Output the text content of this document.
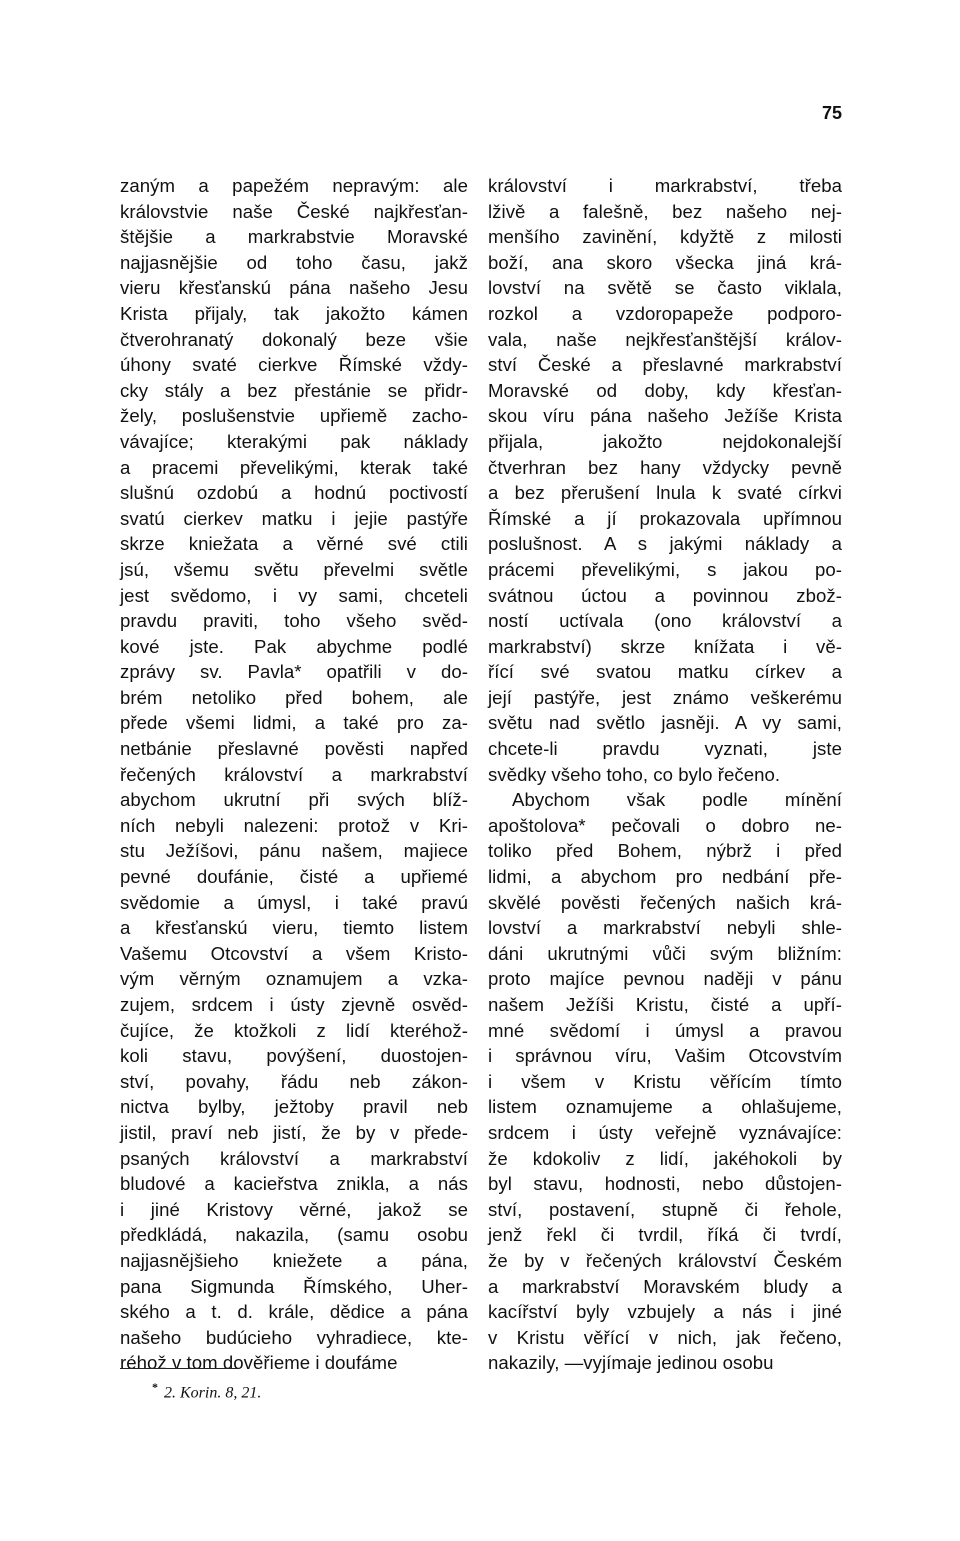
75
zaným a papežém nepravým: ale
královstvie naše České najkřesťan-
štějšie a markrabstvie Moravské
najjasnějšie od toho času, jakž
vieru křesťanskú pána našeho Jesu
Krista přijaly, tak jakožto kámen
čtverohranatý dokonalý beze všie
úhony svaté cierkve Římské vždy-
cky stály a bez přestánie se přidr-
žely, poslušenstvie upřiemě zacho-
vávajíce; kterakými pak náklady
a pracemi převelikými, kterak také
slušnú ozdobú a hodnú poctivostí
svatú cierkev matku i jejie pastýře
skrze kniežata a věrné své ctili
jsú, všemu světu převelmi světle
jest svědomo, i vy sami, chceteli
pravdu praviti, toho všeho svěd-
kové jste. Pak abychme podlé
zprávy sv. Pavla* opatřili v do-
brém netoliko před bohem, ale
přede všemi lidmi, a také pro za-
netbánie přeslavné pověsti napřed
řečených království a markrabství
abychom ukrutní při svých blíž-
ních nebyli nalezeni: protož v Kri-
stu Ježíšovi, pánu našem, majiece
pevné doufánie, čisté a upřiemé
svědomie a úmysl, i také pravú
a křesťanskú vieru, tiemto listem
Vašemu Otcovství a všem Kristo-
vým věrným oznamujem a vzka-
zujem, srdcem i ústy zjevně osvěd-
čujíce, že ktožkoli z lidí kteréhož-
koli stavu, povýšení, duostojen-
ství, povahy, řádu neb zákon-
nictva bylby, ježtoby pravil neb
jistil, praví neb jistí, že by v přede-
psaných království a markrabství
bludové a kacieřstva znikla, a nás
i jiné Kristovy věrné, jakož se
předkládá, nakazila, (samu osobu
najjasnějšieho kniežete a pána,
pana Sigmunda Římského, Uher-
ského a t. d. krále, dědice a pána
našeho budúcieho vyhradiece, kte-
réhož v tom dověřieme i doufáme
království i markrabství, třeba
lživě a falešně, bez našeho nej-
menšího zavinění, kdyžtě z milosti
boží, ana skoro všecka jiná krá-
lovství na světě se často viklala,
rozkol a vzdoropapeže podporo-
vala, naše nejkřesťanštější králov-
ství České a přeslavné markrabství
Moravské od doby, kdy křesťan-
skou víru pána našeho Ježíše Krista
přijala, jakožto nejdokonalejší
čtverhran bez hany vždycky pevně
a bez přerušení lnula k svaté církvi
Římské a jí prokazovala upřímnou
poslušnost. A s jakými náklady a
prácemi převelikými, s jakou po-
svátnou úctou a povinnou zbož-
ností uctívala (ono království a
markrabství) skrze knížata i vě-
řící své svatou matku církev a
její pastýře, jest známo veškerému
světu nad světlo jasněji. A vy sami,
chcete-li pravdu vyznati, jste
svědky všeho toho, co bylo řečeno.
Abychom však podle mínění
apoštolova* pečovali o dobro ne-
toliko před Bohem, nýbrž i před
lidmi, a abychom pro nedbání pře-
skvělé pověsti řečených našich krá-
lovství a markrabství nebyli shle-
dáni ukrutnými vůči svým bližním:
proto majíce pevnou naději v pánu
našem Ježíši Kristu, čisté a upří-
mné svědomí i úmysl a pravou
i správnou víru, Vašim Otcovstvím
i všem v Kristu věřícím tímto
listem oznamujeme a ohlašujeme,
srdcem i ústy veřejně vyznávajíce:
že kdokoliv z lidí, jakéhokoli by
byl stavu, hodnosti, nebo důstojen-
ství, postavení, stupně či řehole,
jenž řekl či tvrdil, říká či tvrdí,
že by v řečených království Českém
a markrabství Moravském bludy a
kacířství byly vzbujely a nás i jiné
v Kristu věřící v nich, jak řečeno,
nakazily, —vyjímaje jedinou osobu
* 2. Korin. 8, 21.
